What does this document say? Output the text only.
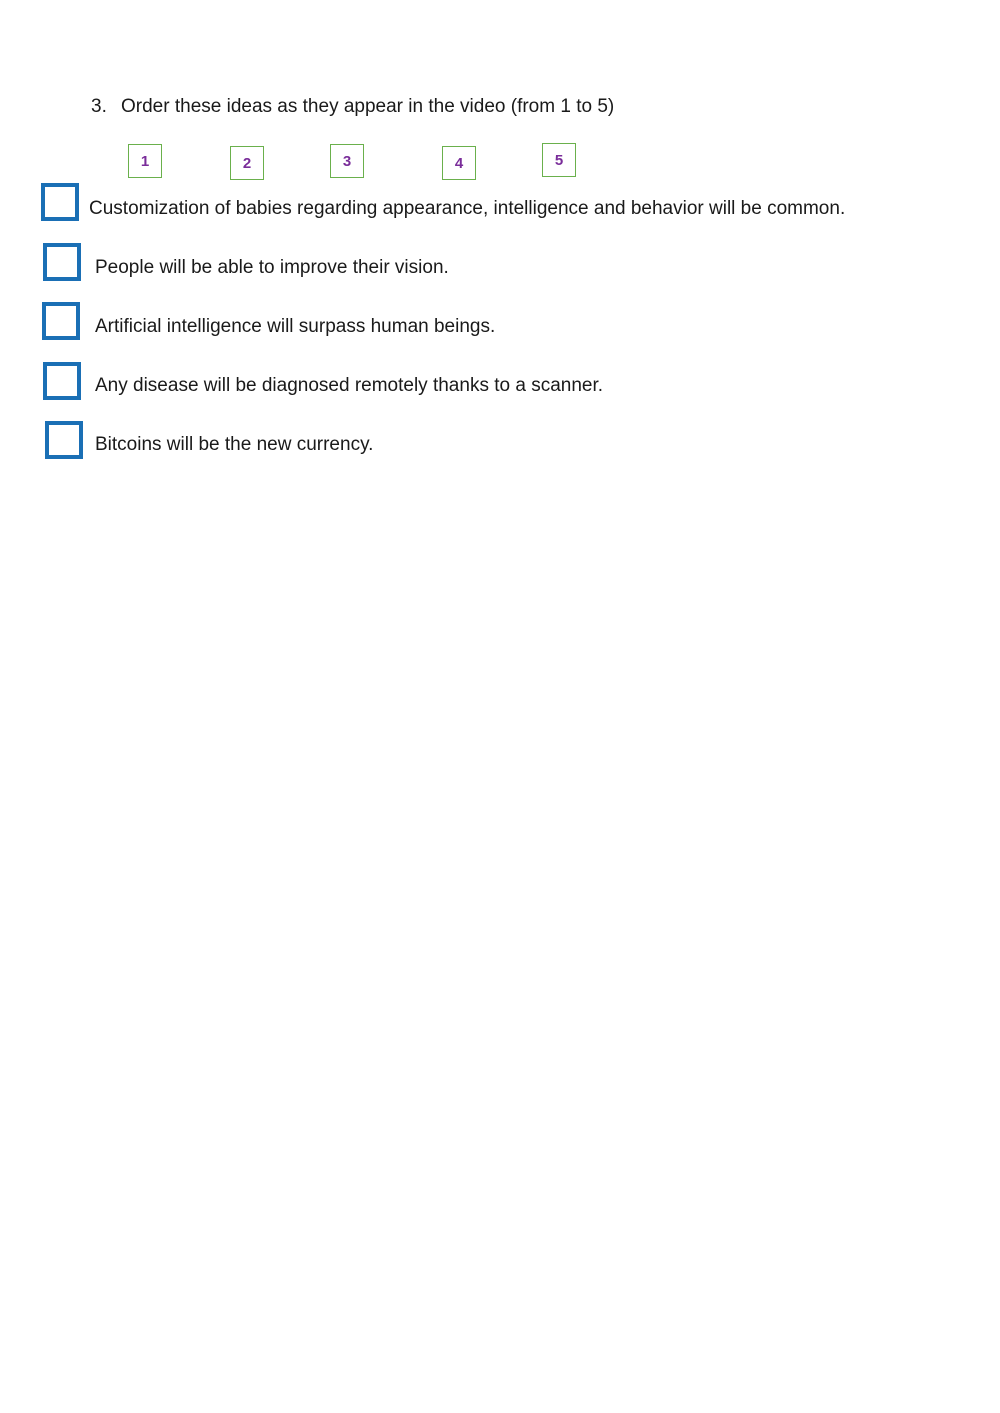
3. Order these ideas as they appear in the video (from 1 to 5)
1	2	3	4	5
Customization of babies regarding appearance, intelligence and behavior will be common.
People will be able to improve their vision.
Artificial intelligence will surpass human beings.
Any disease will be diagnosed remotely thanks to a scanner.
Bitcoins will be the new currency.
